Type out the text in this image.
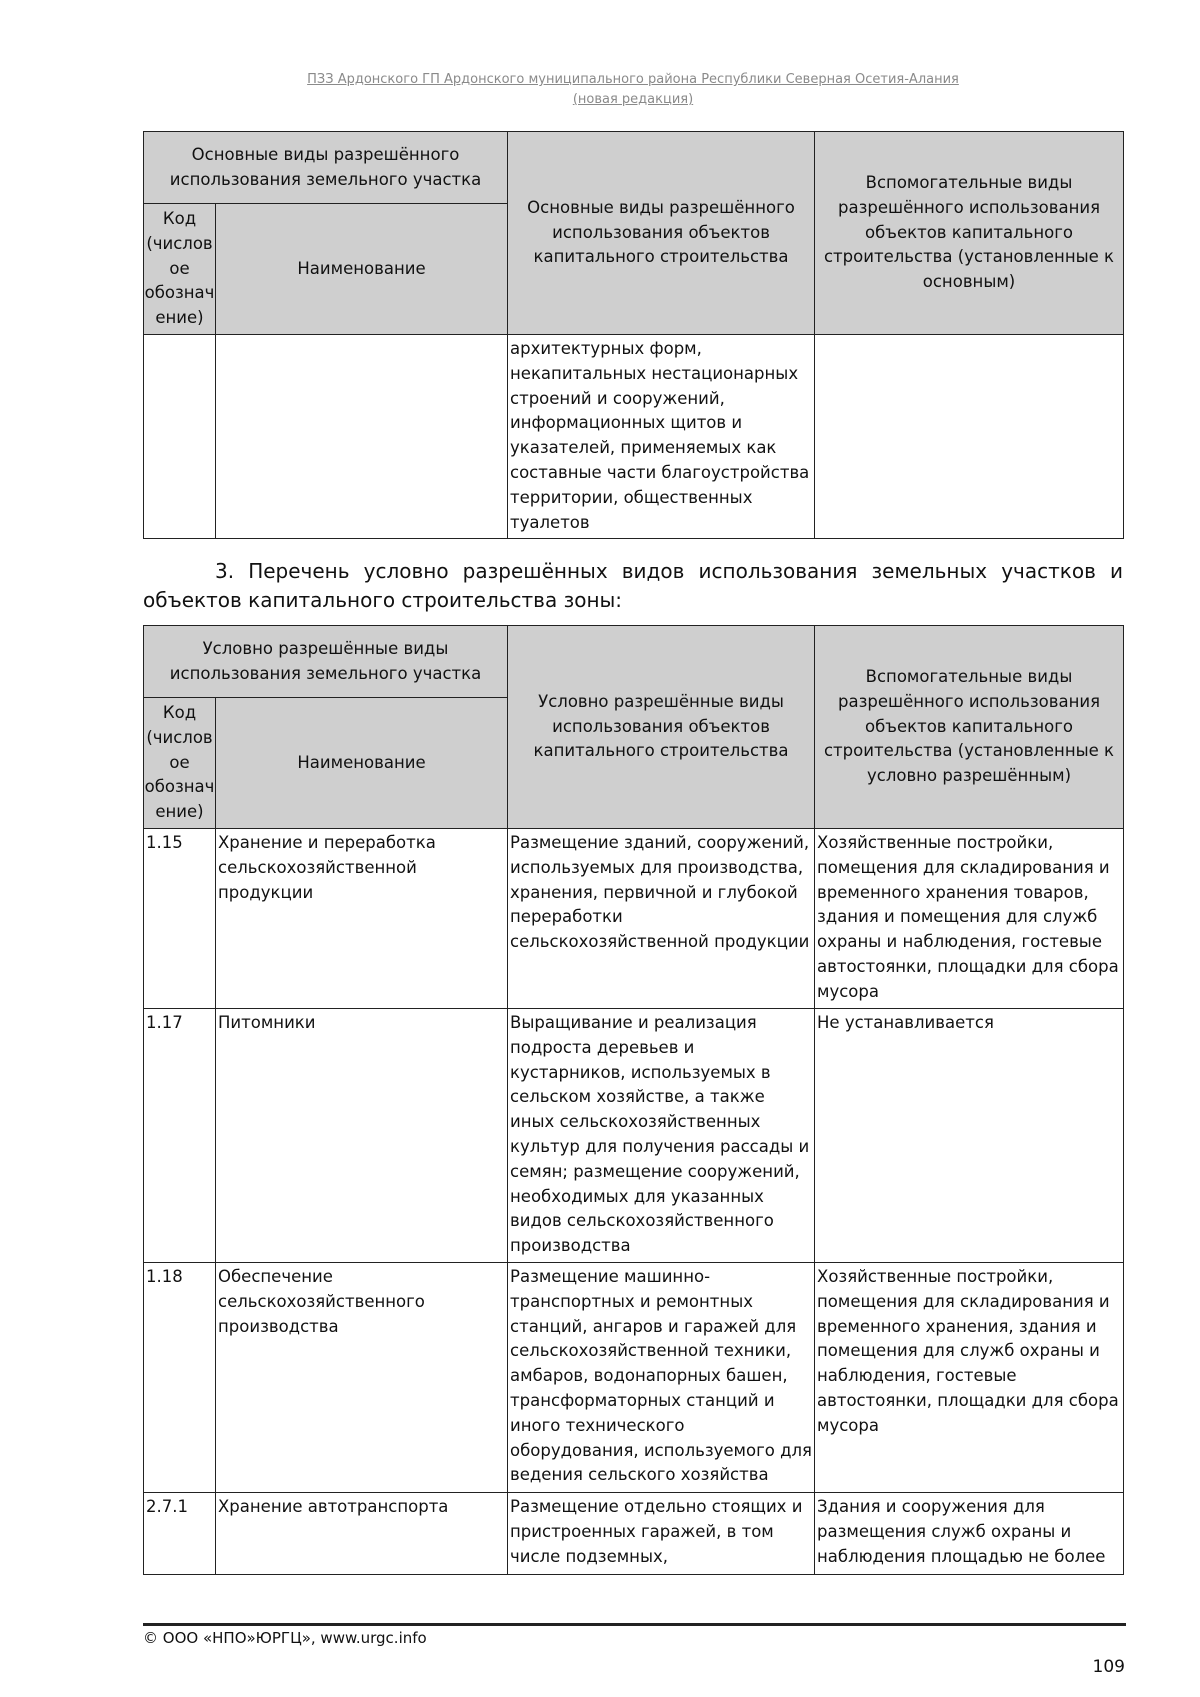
ПЗЗ Ардонского ГП Ардонского муниципального района Республики Северная Осетия-Алания
(новая редакция)
Основные виды разрешённого использования земельного участка		Основные виды разрешённого использования объектов капитального строительства	Вспомогательные виды разрешённого использования объектов капитального строительства (установленные к основным)
Код (числовое обозначение)	Наименование		
		архитектурных форм, некапитальных нестационарных строений и сооружений, информационных щитов и указателей, применяемых как составные части благоустройства территории, общественных туалетов	
3. Перечень условно разрешённых видов использования земельных участков и объектов капитального строительства зоны:
Условно разрешённые виды использования земельного участка		Условно разрешённые виды использования объектов капитального строительства	Вспомогательные виды разрешённого использования объектов капитального строительства (установленные к условно разрешённым)
Код (числовое обозначение)	Наименование		
1.15	Хранение и переработка сельскохозяйственной продукции	Размещение зданий, сооружений, используемых для производства, хранения, первичной и глубокой переработки сельскохозяйственной продукции	Хозяйственные постройки, помещения для складирования и временного хранения товаров, здания и помещения для служб охраны и наблюдения, гостевые автостоянки, площадки для сбора мусора
1.17	Питомники	Выращивание и реализация подроста деревьев и кустарников, используемых в сельском хозяйстве, а также иных сельскохозяйственных культур для получения рассады и семян; размещение сооружений, необходимых для указанных видов сельскохозяйственного производства	Не устанавливается
1.18	Обеспечение сельскохозяйственного производства	Размещение машинно-транспортных и ремонтных станций, ангаров и гаражей для сельскохозяйственной техники, амбаров, водонапорных башен, трансформаторных станций и иного технического оборудования, используемого для ведения сельского хозяйства	Хозяйственные постройки, помещения для складирования и временного хранения, здания и помещения для служб охраны и наблюдения, гостевые автостоянки, площадки для сбора мусора
2.7.1	Хранение автотранспорта	Размещение отдельно стоящих и пристроенных гаражей, в том числе подземных,	Здания и сооружения для размещения служб охраны и наблюдения площадью не более
© ООО «НПО»ЮРГЦ», www.urgc.info
109
